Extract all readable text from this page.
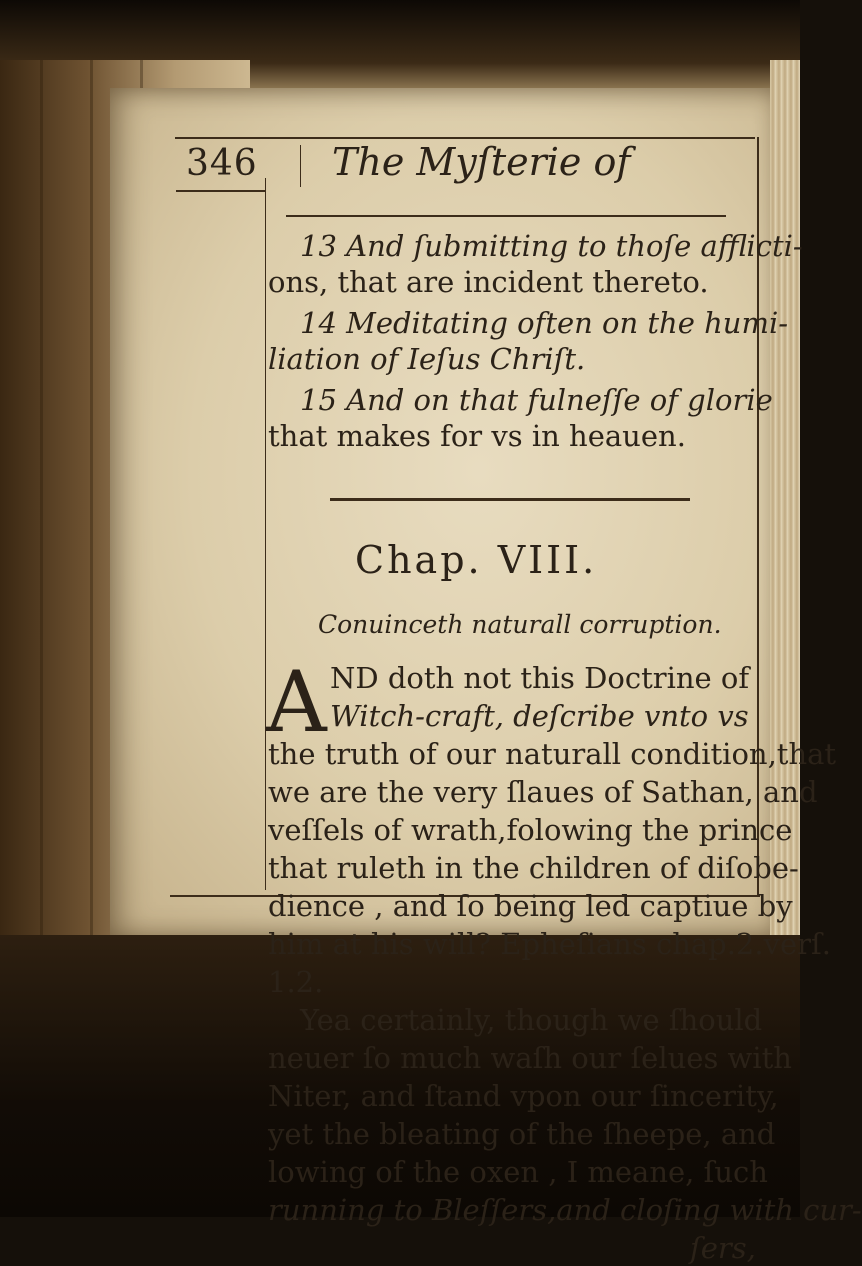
346 The Myſterie of
13 And ſubmitting to thoſe afflicti-
ons, that are incident thereto.
14 Meditating often on the humi-
liation of Ieſus Chriſt.
15 And on that fulneſſe of glorie
that makes for vs in heauen.
Chap. VIII.
Conuinceth naturall corruption.
A ND doth not this Doctrine of
Witch-craft, deſcribe vnto vs
the truth of our naturall condition,that
we are the very ſlaues of Sathan, and
veſſels of wrath,folowing the prince
that ruleth in the children of diſobe-
dience , and ſo being led captiue by
him at his will? Epheſians chap.2.verſ.
1.2.
Yea certainly, though we ſhould
neuer ſo much waſh our ſelues with
Niter, and ſtand vpon our ſincerity,
yet the bleating of the ſheepe, and
lowing of the oxen , I meane, ſuch
running to Bleſſers,and cloſing with cur-
ſers,
